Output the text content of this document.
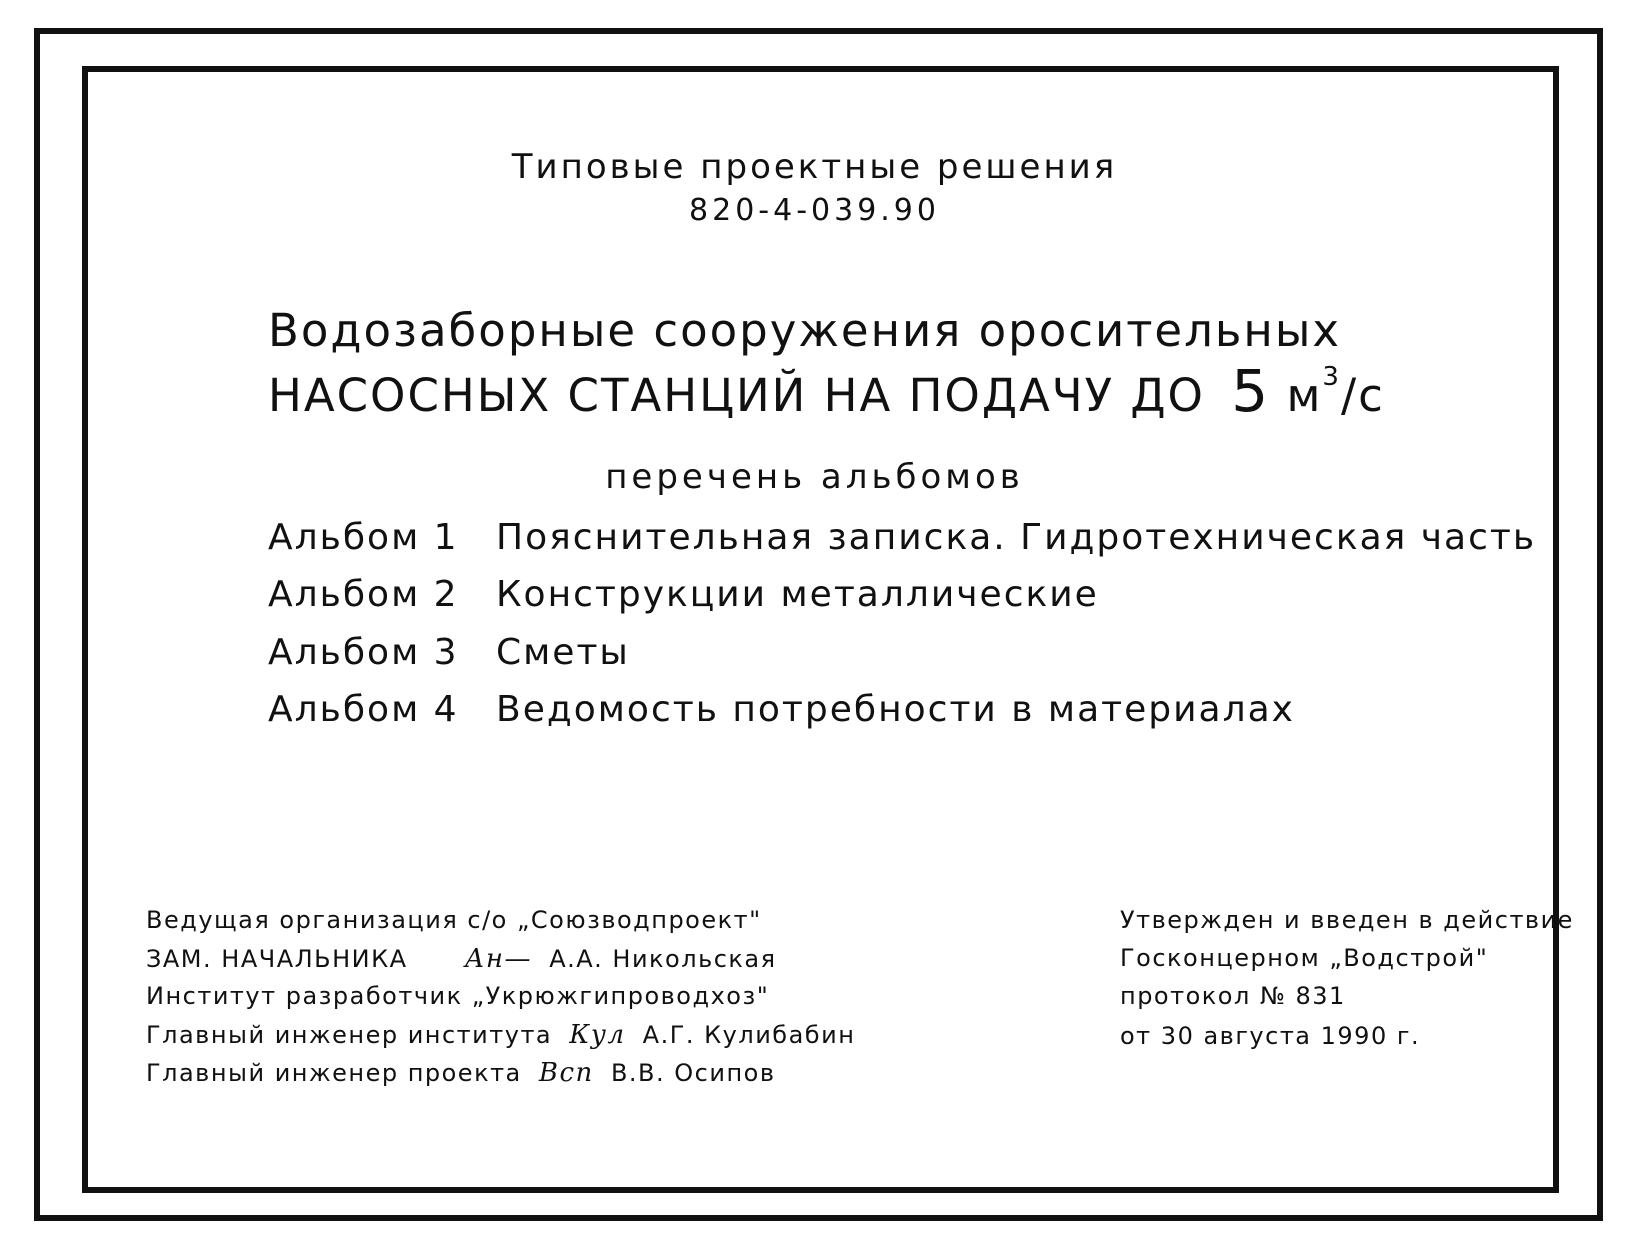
Типовые проектные решения
820-4-039.90
Водозаборные сооружения оросительных
НАСОСНЫХ СТАНЦИЙ НА ПОДАЧУ ДО 5 $м^3/с$
перечень альбомов
Альбом 1 Пояснительная записка. Гидротехническая часть
Альбом 2 Конструкции металлические
Альбом 3 Сметы
Альбом 4 Ведомость потребности в материалах
Ведущая организация с/о „Союзводпроект"
ЗАМ. НАЧАЛЬНИКА Ан— А.А. Никольская
Институт разработчик „Укрюжгипроводхоз"
Главный инженер института Кул А.Г. Кулибабин
Главный инженер проекта Всп В.В. Осипов
Утвержден и введен в действие
Госконцерном „Водстрой"
протокол № 831
от 30 августа 1990 г.
